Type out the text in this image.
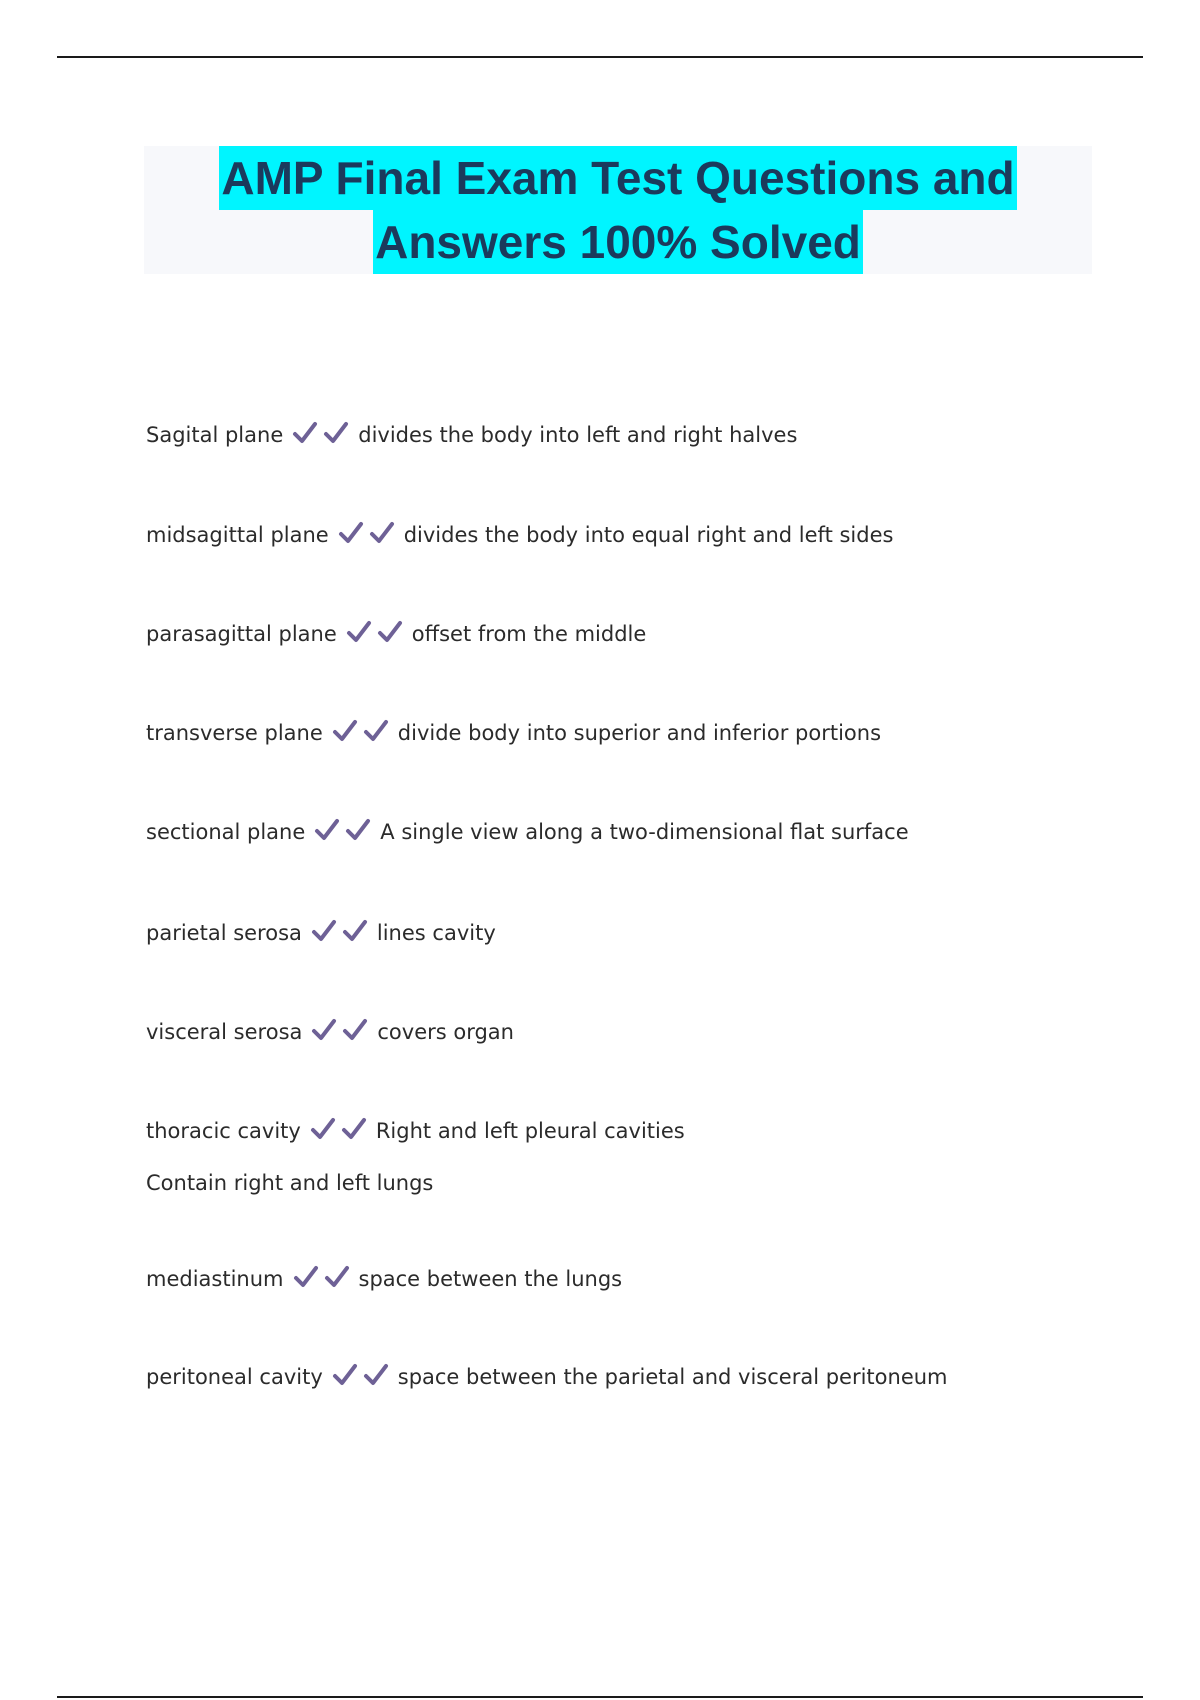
AMP Final Exam Test Questions and
Answers 100% Solved
Sagital plane	divides the body into left and right halves
midsagittal plane	divides the body into equal right and left sides
parasagittal plane	offset from the middle
transverse plane	divide body into superior and inferior portions
sectional plane	A single view along a two-dimensional flat surface
parietal serosa	lines cavity
visceral serosa	covers organ
thoracic cavity	Right and left pleural cavities
Contain right and left lungs
mediastinum	space between the lungs
peritoneal cavity	space between the parietal and visceral peritoneum
